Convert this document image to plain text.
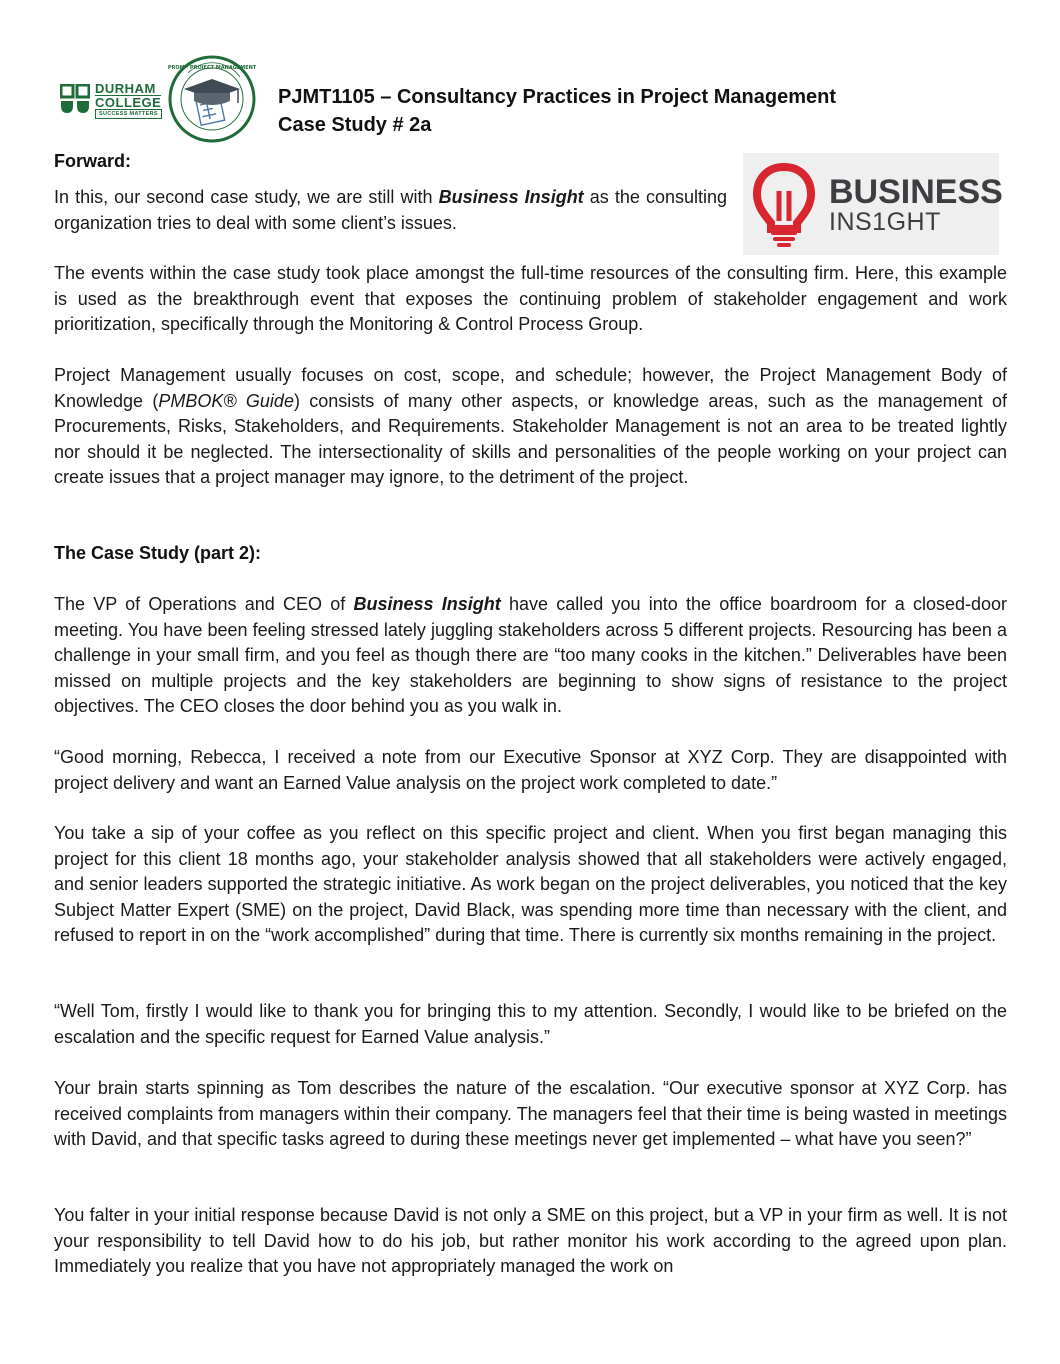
DURHAM
COLLEGE
SUCCESS MATTERS
PROM · PROJECT MANAGEMENT
PJMT1105 – Consultancy Practices in Project Management
Case Study # 2a
BUSINESS
INS1GHT
Forward:
In this, our second case study, we are still with Business Insight as the consulting organization tries to deal with some client’s issues.
The events within the case study took place amongst the full-time resources of the consulting firm. Here, this example is used as the breakthrough event that exposes the continuing problem of stakeholder engagement and work prioritization, specifically through the Monitoring & Control Process Group.
Project Management usually focuses on cost, scope, and schedule; however, the Project Management Body of Knowledge (PMBOK® Guide) consists of many other aspects, or knowledge areas, such as the management of Procurements, Risks, Stakeholders, and Requirements. Stakeholder Management is not an area to be treated lightly nor should it be neglected. The intersectionality of skills and personalities of the people working on your project can create issues that a project manager may ignore, to the detriment of the project.
The Case Study (part 2):
The VP of Operations and CEO of Business Insight have called you into the office boardroom for a closed-door meeting. You have been feeling stressed lately juggling stakeholders across 5 different projects. Resourcing has been a challenge in your small firm, and you feel as though there are “too many cooks in the kitchen.” Deliverables have been missed on multiple projects and the key stakeholders are beginning to show signs of resistance to the project objectives. The CEO closes the door behind you as you walk in.
“Good morning, Rebecca, I received a note from our Executive Sponsor at XYZ Corp. They are disappointed with project delivery and want an Earned Value analysis on the project work completed to date.”
You take a sip of your coffee as you reflect on this specific project and client. When you first began managing this project for this client 18 months ago, your stakeholder analysis showed that all stakeholders were actively engaged, and senior leaders supported the strategic initiative. As work began on the project deliverables, you noticed that the key Subject Matter Expert (SME) on the project, David Black, was spending more time than necessary with the client, and refused to report in on the “work accomplished” during that time. There is currently six months remaining in the project.
“Well Tom, firstly I would like to thank you for bringing this to my attention. Secondly, I would like to be briefed on the escalation and the specific request for Earned Value analysis.”
Your brain starts spinning as Tom describes the nature of the escalation. “Our executive sponsor at XYZ Corp. has received complaints from managers within their company. The managers feel that their time is being wasted in meetings with David, and that specific tasks agreed to during these meetings never get implemented – what have you seen?”
You falter in your initial response because David is not only a SME on this project, but a VP in your firm as well. It is not your responsibility to tell David how to do his job, but rather monitor his work according to the agreed upon plan. Immediately you realize that you have not appropriately managed the work on
